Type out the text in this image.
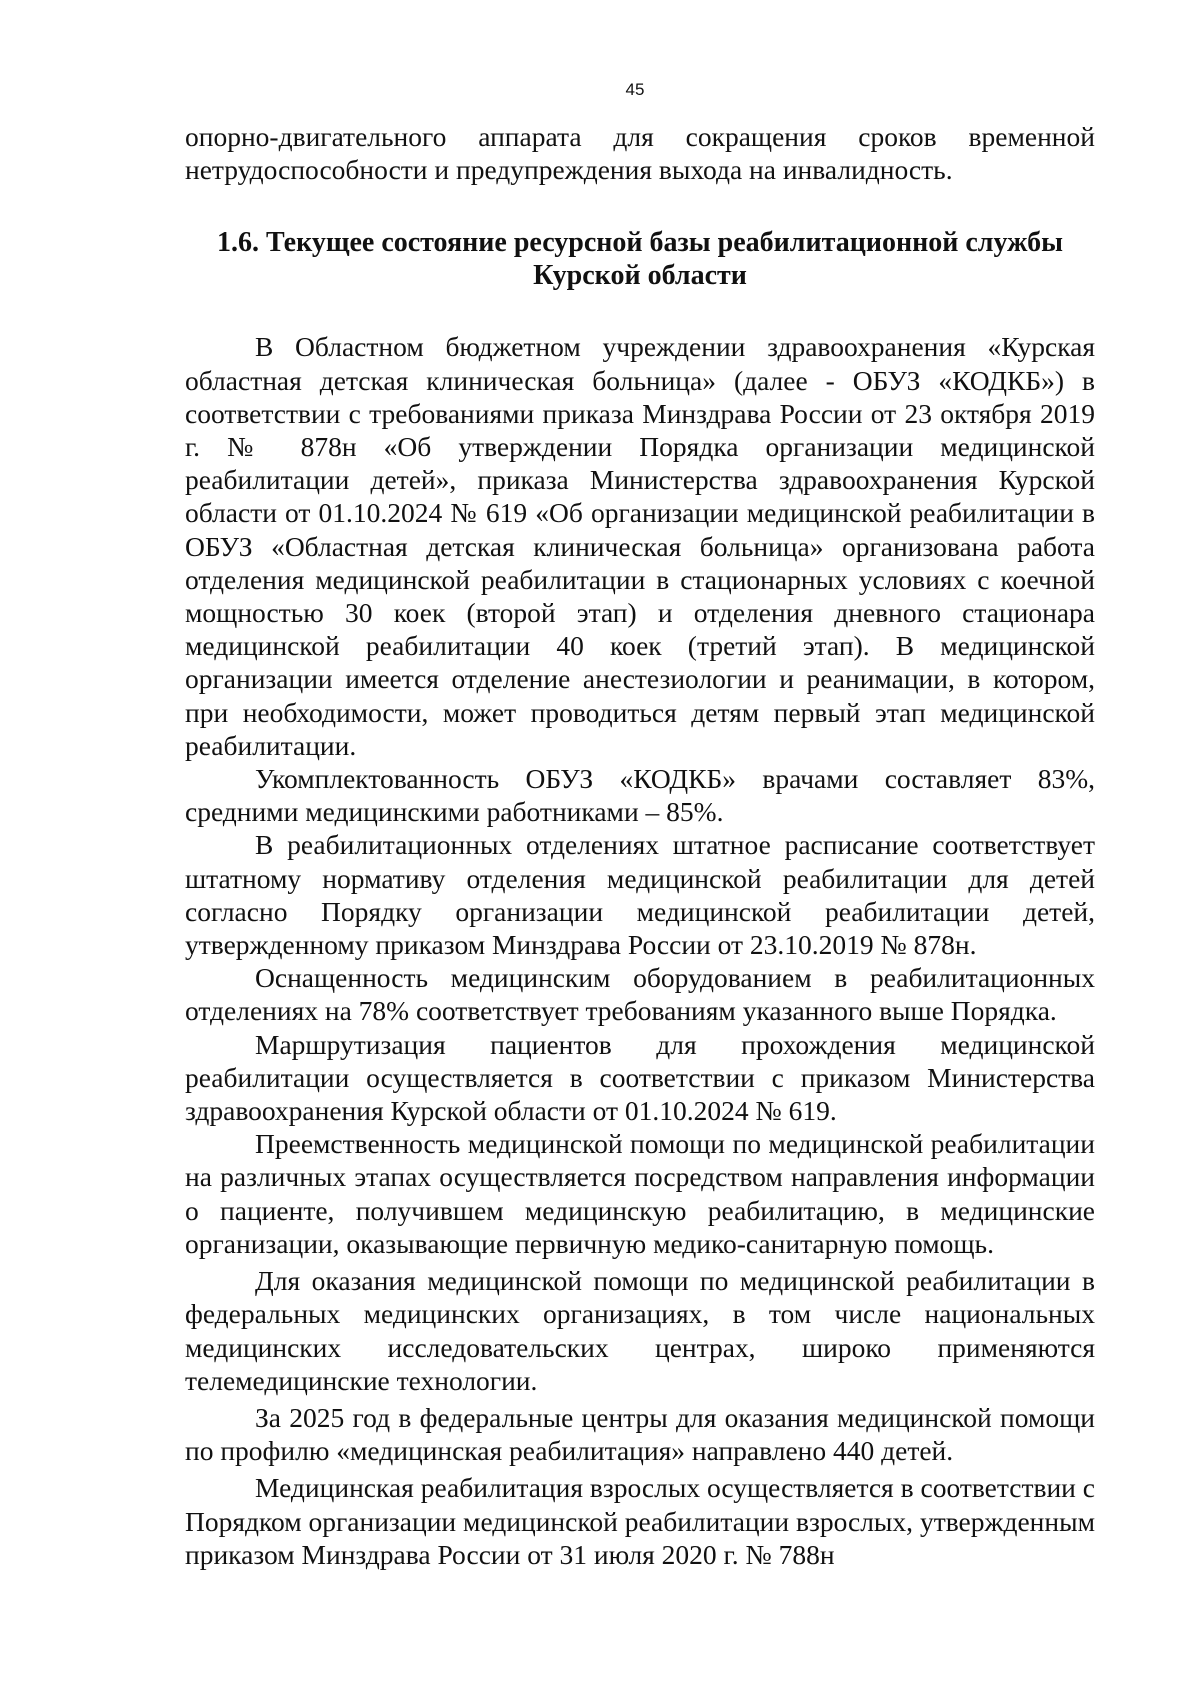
45

опорно-двигательного аппарата для сокращения сроков временной нетрудоспособности и предупреждения выхода на инвалидность.

1.6. Текущее состояние ресурсной базы реабилитационной службы
Курской области

В Областном бюджетном учреждении здравоохранения «Курская областная детская клиническая больница» (далее - ОБУЗ «КОДКБ») в соответствии с требованиями приказа Минздрава России от 23 октября 2019 г. № 878н «Об утверждении Порядка организации медицинской реабилитации детей», приказа Министерства здравоохранения Курской области от 01.10.2024 № 619 «Об организации медицинской реабилитации в ОБУЗ «Областная детская клиническая больница» организована работа отделения медицинской реабилитации в стационарных условиях с коечной мощностью 30 коек (второй этап) и отделения дневного стационара медицинской реабилитации 40 коек (третий этап). В медицинской организации имеется отделение анестезиологии и реанимации, в котором, при необходимости, может проводиться детям первый этап медицинской реабилитации.

Укомплектованность ОБУЗ «КОДКБ» врачами составляет 83%, средними медицинскими работниками – 85%.

В реабилитационных отделениях штатное расписание соответствует штатному нормативу отделения медицинской реабилитации для детей согласно Порядку организации медицинской реабилитации детей, утвержденному приказом Минздрава России от 23.10.2019 № 878н.

Оснащенность медицинским оборудованием в реабилитационных отделениях на 78% соответствует требованиям указанного выше Порядка.

Маршрутизация пациентов для прохождения медицинской реабилитации осуществляется в соответствии с приказом Министерства здравоохранения Курской области от 01.10.2024 № 619.

Преемственность медицинской помощи по медицинской реабилитации на различных этапах осуществляется посредством направления информации о пациенте, получившем медицинскую реабилитацию, в медицинские организации, оказывающие первичную медико-санитарную помощь.

Для оказания медицинской помощи по медицинской реабилитации в федеральных медицинских организациях, в том числе национальных медицинских исследовательских центрах, широко применяются телемедицинские технологии.

За 2025 год в федеральные центры для оказания медицинской помощи по профилю «медицинская реабилитация» направлено 440 детей.

Медицинская реабилитация взрослых осуществляется в соответствии с Порядком организации медицинской реабилитации взрослых, утвержденным приказом Минздрава России от 31 июля 2020 г. № 788н
